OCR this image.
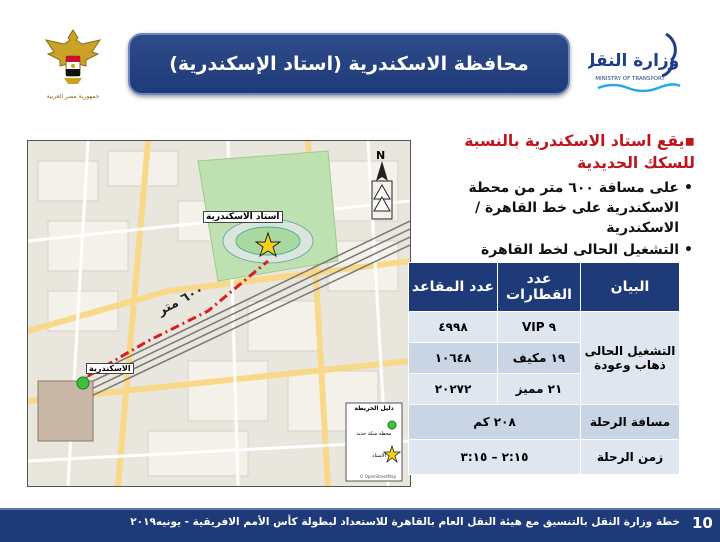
جمهورية مصر العربية
محافظة الاسكندرية (استاد الإسكندرية)	وزارة النقل
MINISTRY OF TRANSPORT
© OpenStreetMap
استاد الاسكندرية
الاسكندرية
٦٠٠ متر
N
دليل الخريطة
محطة سكة حديد
الاستاد
▪يقع استاد الاسكندرية بالنسبة للسكك الحديدية
• على مسافة ٦٠٠ متر من محطة الاسكندرية على خط القاهرة /الاسكندرية
• التشغيل الحالى لخط القاهرة
البيان	عدد القطارات	عدد المقاعد
التشغيل الحالى ذهاب وعودة	٩ VIP	٤٩٩٨
	١٩ مكيف	١٠٦٤٨
	٢١ مميز	٢٠٢٧٢
مسافة الرحلة	٢٠٨ كم	
زمن الرحلة	٢:١٥ – ٣:١٥	
خطة وزارة النقل بالتنسيق مع هيئة النقل العام بالقاهرة للاستعداد لبطولة كأس الأمم الافريقية - يونيه٢٠١٩ 10
